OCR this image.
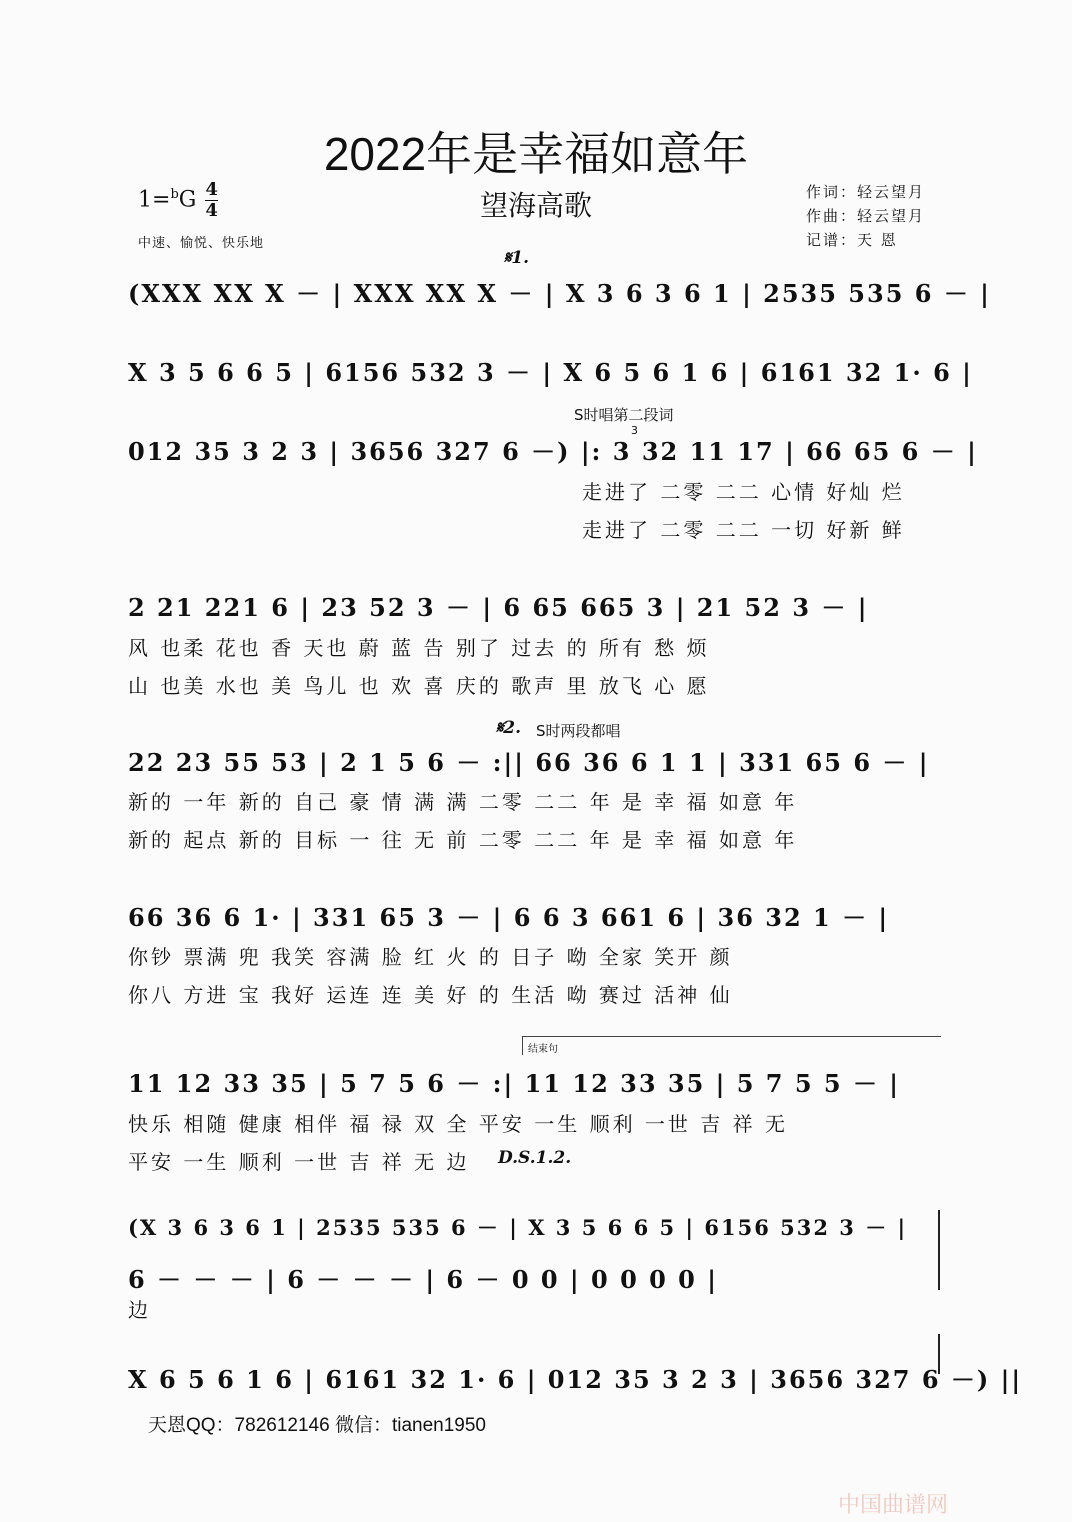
2022年是幸福如意年
望海高歌
$1=^bG \frac{4}{4}$
中速、愉悦、快乐地
作词：轻云望月
作曲：轻云望月
记谱：天 恩
𝄋1.
S时唱第二段词
3
𝄋2. S时两段都唱
结束句
D.S.1.2.
(XXX XX X － | XXX XX X － | X 3 6 3 6 1 | 2535 535 6 － |
X 3 5 6 6 5 | 6156 532 3 － | X 6 5 6 1 6 | 6161 32 1· 6 |
012 35 3 2 3 | 3656 327 6 －) |: 3 32 11 17 | 66 65 6 － |
走进了 二零 二二 心情 好灿 烂
走进了 二零 二二 一切 好新 鲜
2 21 221 6 | 23 52 3 － | 6 65 665 3 | 21 52 3 － |
风 也柔 花也 香 天也 蔚 蓝 告 别了 过去 的 所有 愁 烦
山 也美 水也 美 鸟儿 也 欢 喜 庆的 歌声 里 放飞 心 愿
22 23 55 53 | 2 1 5 6 － :|| 66 36 6 1 1 | 331 65 6 － |
新的 一年 新的 自己 豪 情 满 满 二零 二二 年 是 幸 福 如意 年
新的 起点 新的 目标 一 往 无 前 二零 二二 年 是 幸 福 如意 年
66 36 6 1· | 331 65 3 － | 6 6 3 661 6 | 36 32 1 － |
你钞 票满 兜 我笑 容满 脸 红 火 的 日子 呦 全家 笑开 颜
你八 方进 宝 我好 运连 连 美 好 的 生活 呦 赛过 活神 仙
11 12 33 35 | 5 7 5 6 － :| 11 12 33 35 | 5 7 5 5 － |
快乐 相随 健康 相伴 福 禄 双 全 平安 一生 顺利 一世 吉 祥 无
平安 一生 顺利 一世 吉 祥 无 边
(X 3 6 3 6 1 | 2535 535 6 － | X 3 5 6 6 5 | 6156 532 3 － |
6 － － － | 6 － － － | 6 － 0 0 | 0 0 0 0 |
边
X 6 5 6 1 6 | 6161 32 1· 6 | 012 35 3 2 3 | 3656 327 6 －) ||
天恩QQ：782612146 微信：tianen1950
中国曲谱网
